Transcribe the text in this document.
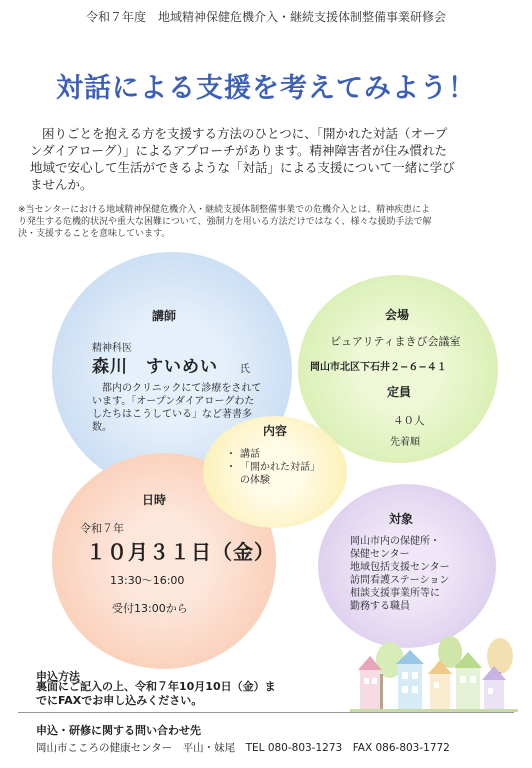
令和７年度　地域精神保健危機介入・継続支援体制整備事業研修会
対話による支援を考えてみよう！
困りごとを抱える方を支援する方法のひとつに、「開かれた対話（オープ
ンダイアローグ）」によるアプローチがあります。精神障害者が住み慣れた
地域で安心して生活ができるような「対話」による支援について一緒に学び
ませんか。
※当センターにおける地域精神保健危機介入・継続支援体制整備事業での危機介入とは、精神疾患によ
り発生する危機的状況や重大な困難について、強制力を用いる方法だけではなく、様々な援助手法で解
決・支援することを意味しています。
講師
精神科医
森川　すいめい 氏
都内のクリニックにて診療をされています。「オープンダイアローグわたしたちはこうしている」など著書多数。
会場
ピュアリティまきび会議室
岡山市北区下石井２−６−４１
定員
４０人
先着順
内容
・ 講話
・ 「開かれた対話」
の体験
日時
令和７年
１０月３１日（金）
13:30〜16:00
受付13:00から
対象
岡山市内の保健所・
保健センター
地域包括支援センター
訪問看護ステーション
相談支援事業所等に
勤務する職員
申込方法
裏面にご記入の上、令和７年10月10日（金）ま
でにFAXでお申し込みください。
申込・研修に関する問い合わせ先
岡山市こころの健康センター　平山・妹尾　TEL 080-803-1273　FAX 086-803-1772
